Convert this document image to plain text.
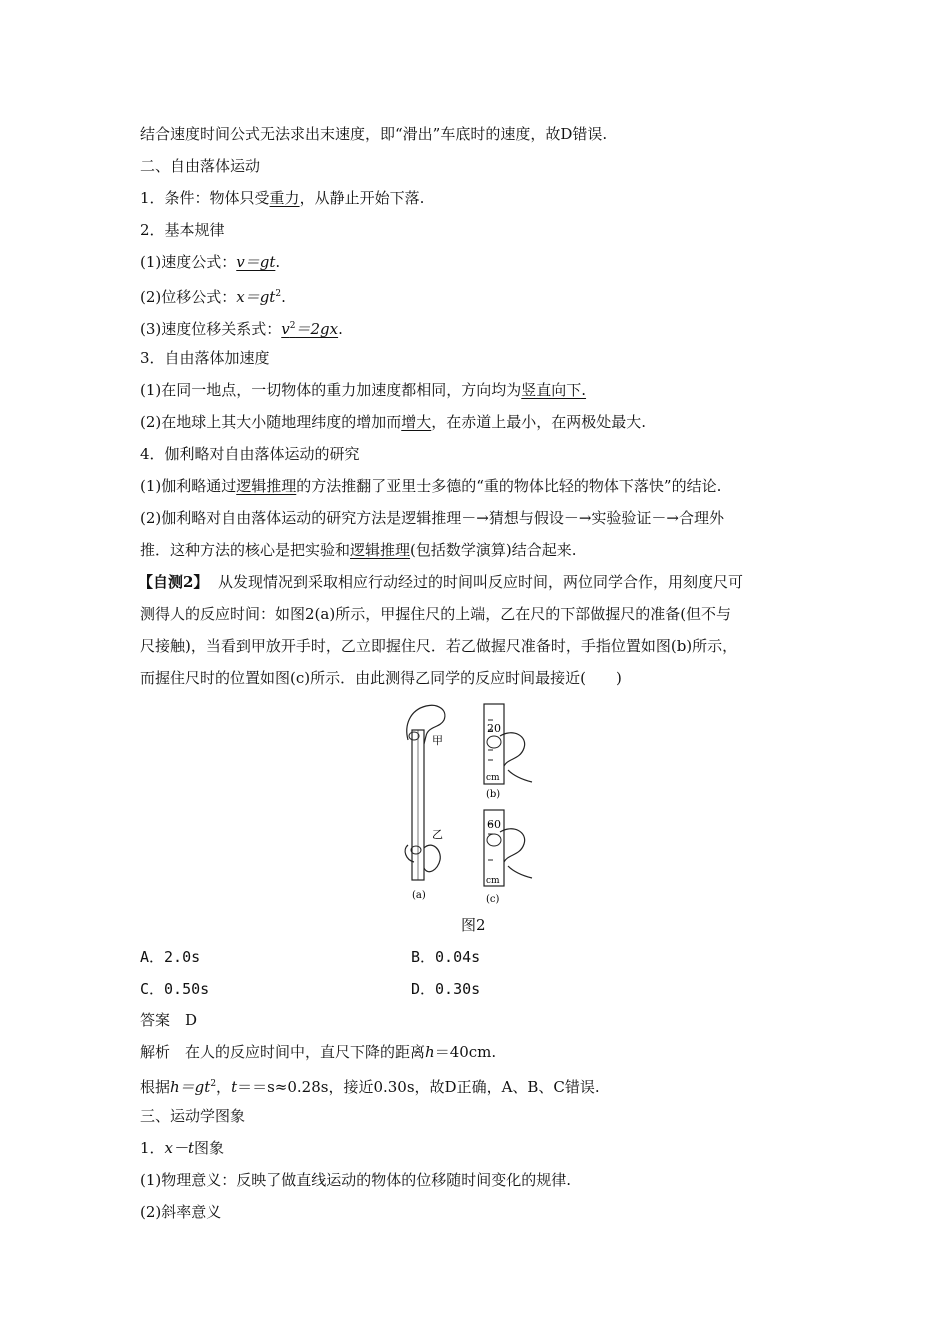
结合速度时间公式无法求出末速度，即“滑出”车底时的速度，故D错误.
二、自由落体运动
1．条件：物体只受重力，从静止开始下落.
2．基本规律
(1)速度公式：v＝gt.
(2)位移公式：$x=gt^2$.
(3)速度位移关系式：$v^2=2gx$.
3．自由落体加速度
(1)在同一地点，一切物体的重力加速度都相同，方向均为竖直向下.
(2)在地球上其大小随地理纬度的增加而增大，在赤道上最小，在两极处最大.
4．伽利略对自由落体运动的研究
(1)伽利略通过逻辑推理的方法推翻了亚里士多德的“重的物体比轻的物体下落快”的结论.
(2)伽利略对自由落体运动的研究方法是逻辑推理－→猜想与假设－→实验验证－→合理外
推．这种方法的核心是把实验和逻辑推理(包括数学演算)结合起来.
【自测2】 从发现情况到采取相应行动经过的时间叫反应时间，两位同学合作，用刻度尺可
测得人的反应时间：如图2(a)所示，甲握住尺的上端，乙在尺的下部做握尺的准备(但不与
尺接触)，当看到甲放开手时，乙立即握住尺．若乙做握尺准备时，手指位置如图(b)所示，
而握住尺时的位置如图(c)所示．由此测得乙同学的反应时间最接近(　　)
甲
乙
(a)
20
cm
(b)
60
cm
(c)
图2
A．2.0s	B．0.04s
C．0.50s	D．0.30s
答案　D
解析　在人的反应时间中，直尺下降的距离h＝40cm.
根据$h=gt^2$，t＝＝s≈0.28s，接近0.30s，故D正确，A、B、C错误.
三、运动学图象
1．x－t图象
(1)物理意义：反映了做直线运动的物体的位移随时间变化的规律.
(2)斜率意义
